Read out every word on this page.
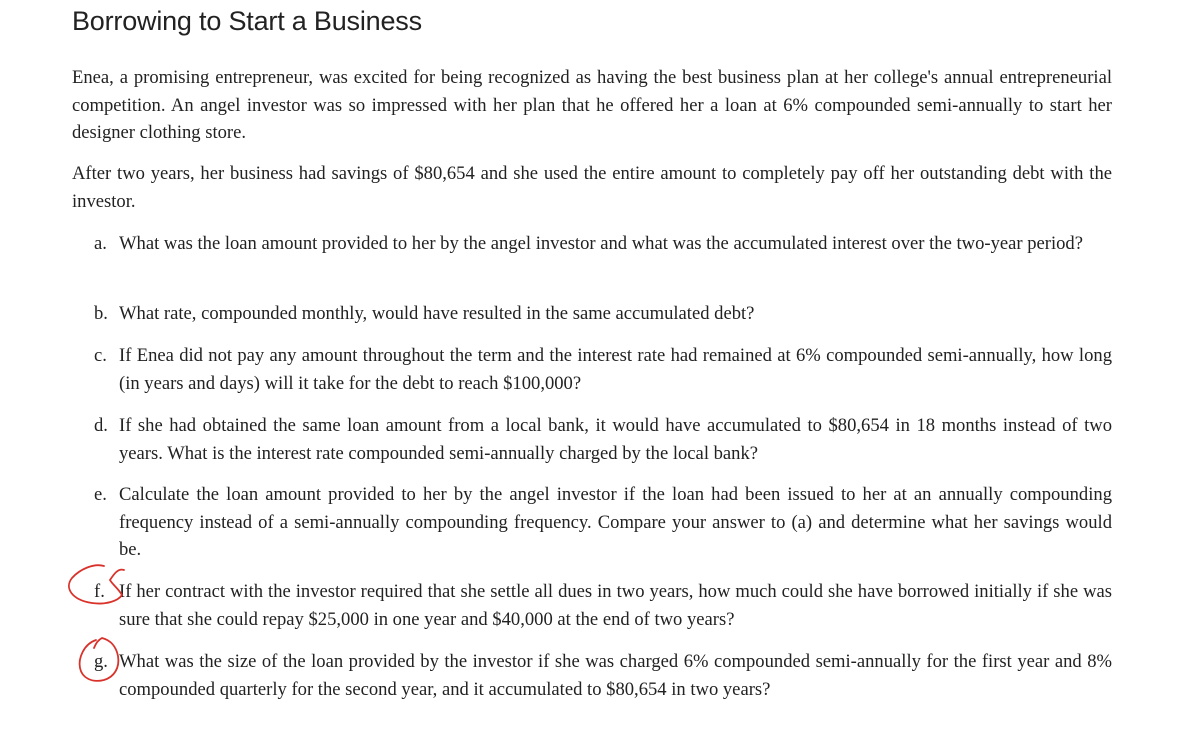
Borrowing to Start a Business

Enea, a promising entrepreneur, was excited for being recognized as having the best business plan at her college's annual entrepreneurial competition. An angel investor was so impressed with her plan that he offered her a loan at 6% compounded semi-annually to start her designer clothing store.

After two years, her business had savings of $80,654 and she used the entire amount to completely pay off her outstanding debt with the investor.

a. What was the loan amount provided to her by the angel investor and what was the accumulated interest over the two-year period?
b. What rate, compounded monthly, would have resulted in the same accumulated debt?
c. If Enea did not pay any amount throughout the term and the interest rate had remained at 6% compounded semi-annually, how long (in years and days) will it take for the debt to reach $100,000?
d. If she had obtained the same loan amount from a local bank, it would have accumulated to $80,654 in 18 months instead of two years. What is the interest rate compounded semi-annually charged by the local bank?
e. Calculate the loan amount provided to her by the angel investor if the loan had been issued to her at an annually compounding frequency instead of a semi-annually compounding frequency. Compare your answer to (a) and determine what her savings would be.
f. If her contract with the investor required that she settle all dues in two years, how much could she have borrowed initially if she was sure that she could repay $25,000 in one year and $40,000 at the end of two years?
g. What was the size of the loan provided by the investor if she was charged 6% compounded semi-annually for the first year and 8% compounded quarterly for the second year, and it accumulated to $80,654 in two years?
